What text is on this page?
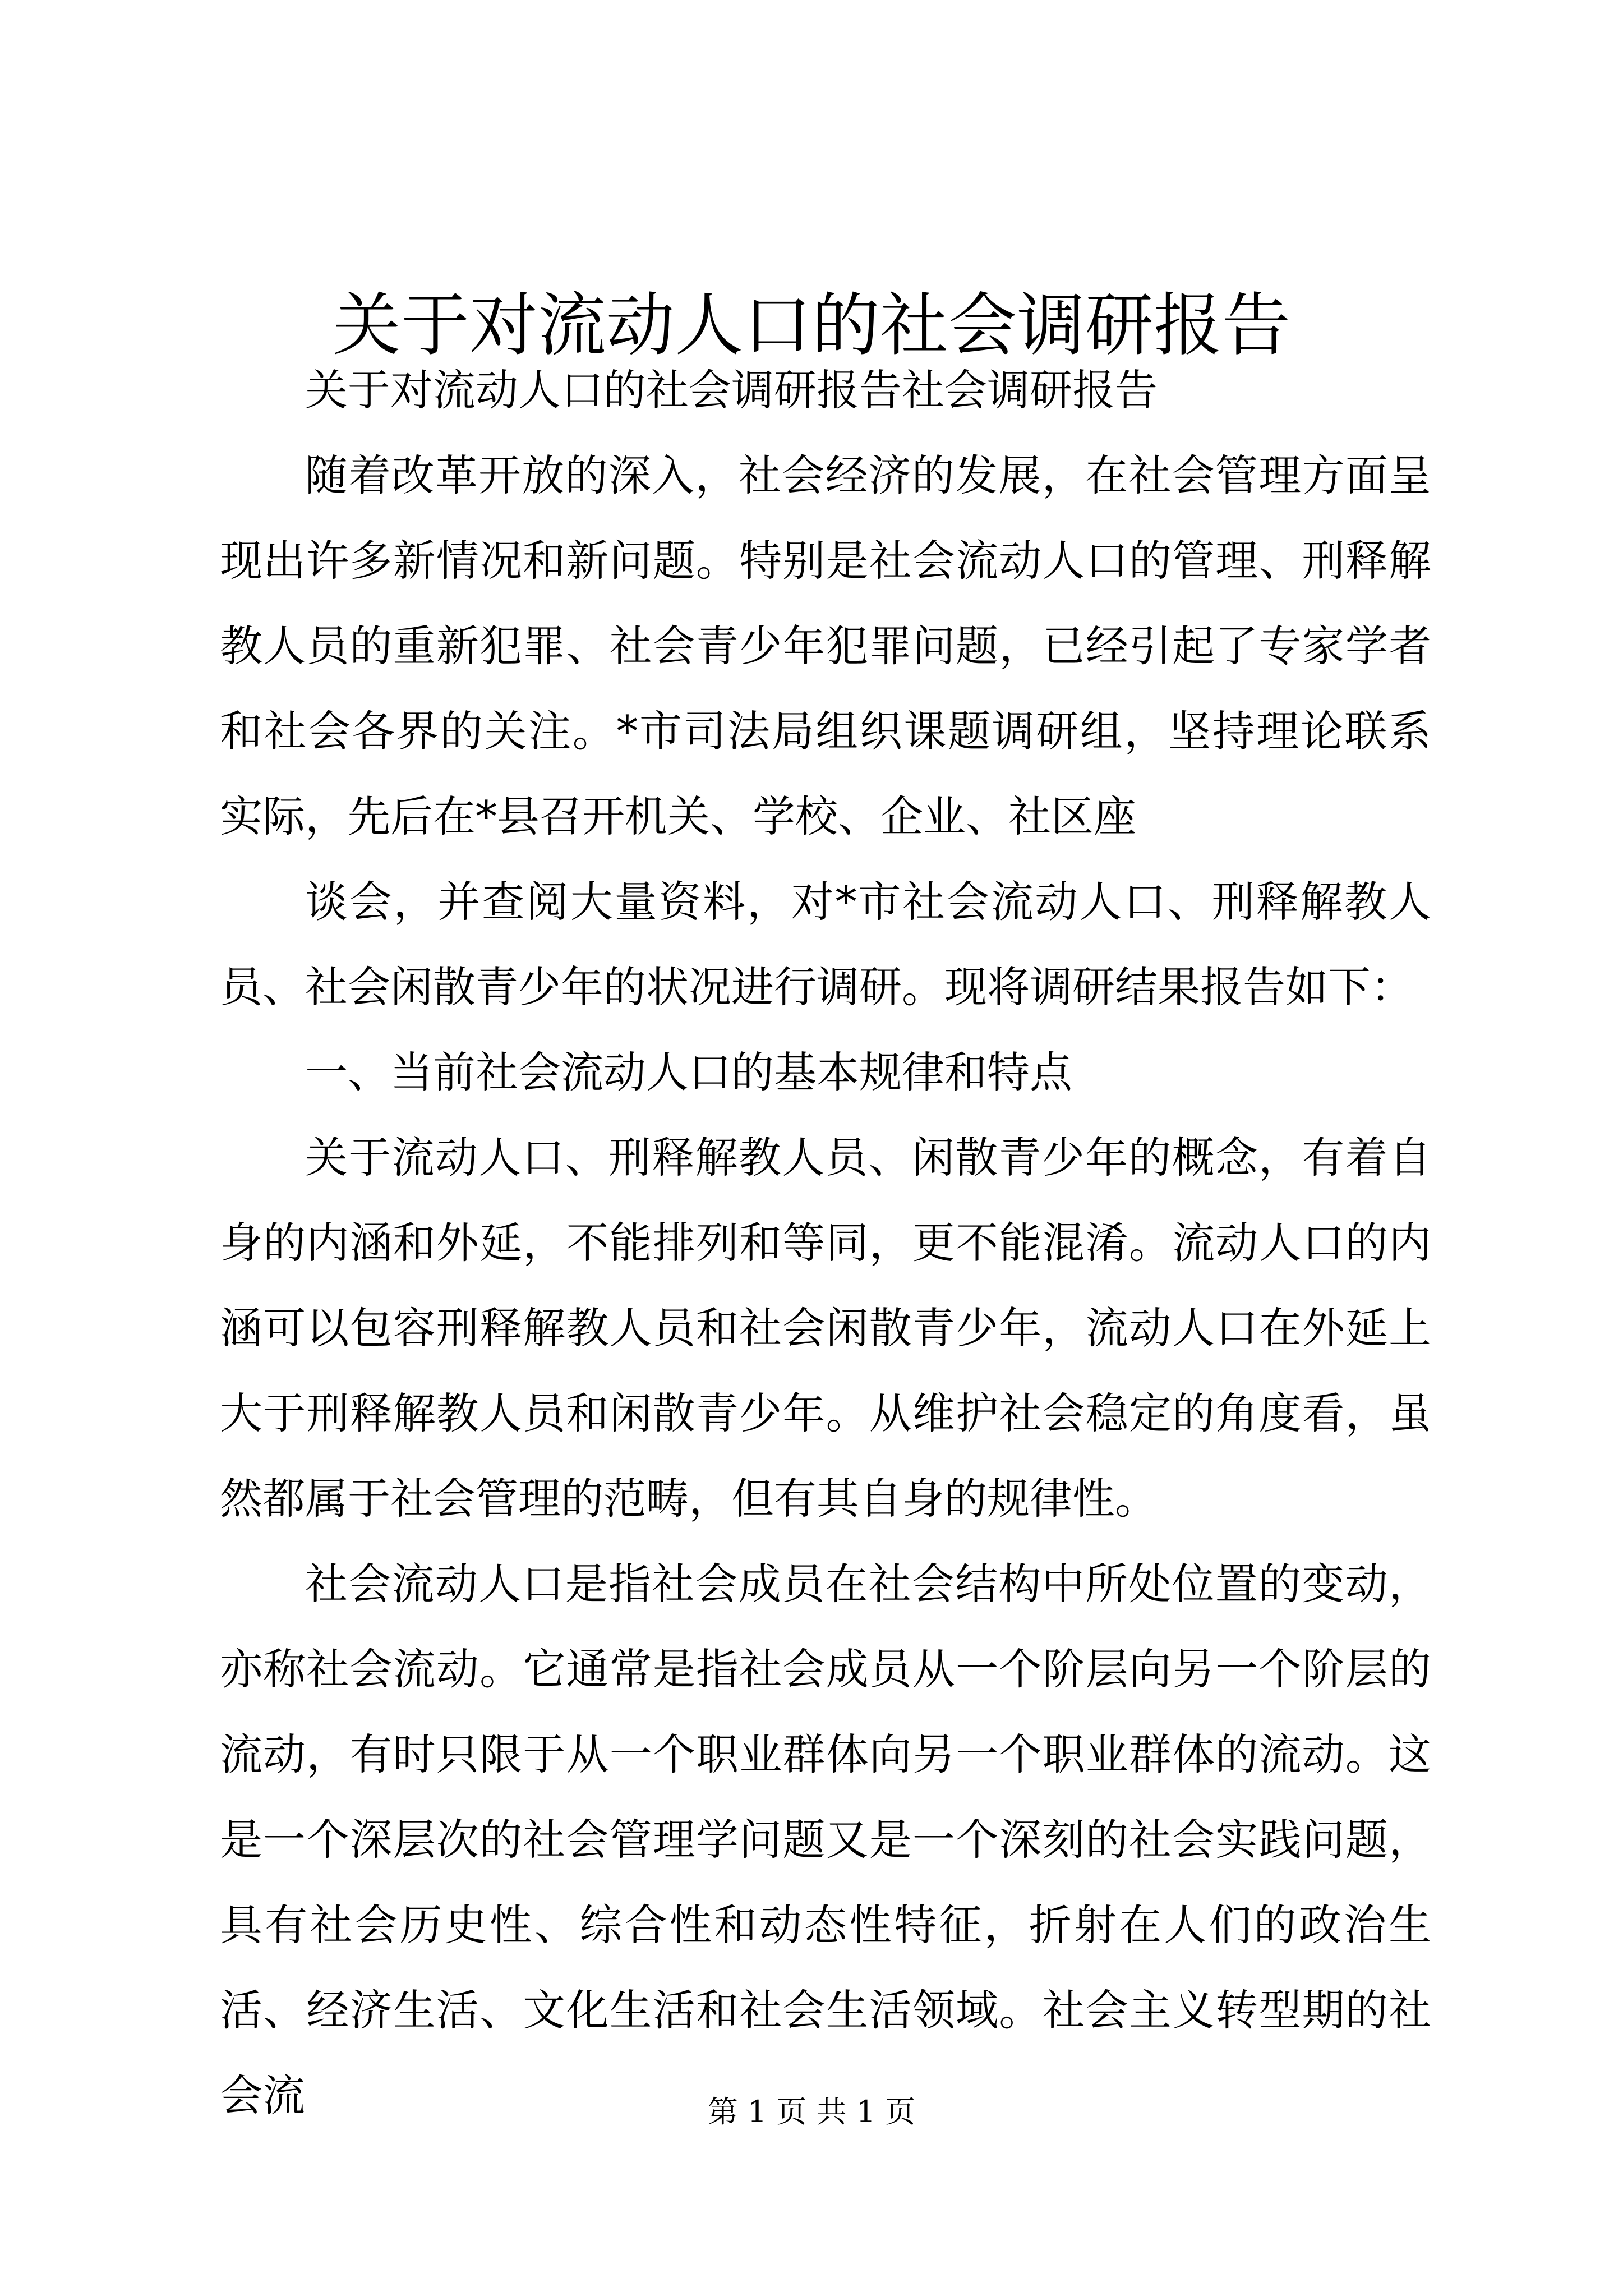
关于对流动人口的社会调研报告

关于对流动人口的社会调研报告社会调研报告

随着改革开放的深入，社会经济的发展，在社会管理方面呈现出许多新情况和新问题。特别是社会流动人口的管理、刑释解教人员的重新犯罪、社会青少年犯罪问题，已经引起了专家学者和社会各界的关注。*市司法局组织课题调研组，坚持理论联系实际，先后在*县召开机关、学校、企业、社区座

谈会，并查阅大量资料，对*市社会流动人口、刑释解教人员、社会闲散青少年的状况进行调研。现将调研结果报告如下：

一、当前社会流动人口的基本规律和特点

关于流动人口、刑释解教人员、闲散青少年的概念，有着自身的内涵和外延，不能排列和等同，更不能混淆。流动人口的内涵可以包容刑释解教人员和社会闲散青少年，流动人口在外延上大于刑释解教人员和闲散青少年。从维护社会稳定的角度看，虽然都属于社会管理的范畴，但有其自身的规律性。

社会流动人口是指社会成员在社会结构中所处位置的变动，亦称社会流动。它通常是指社会成员从一个阶层向另一个阶层的流动，有时只限于从一个职业群体向另一个职业群体的流动。这是一个深层次的社会管理学问题又是一个深刻的社会实践问题，具有社会历史性、综合性和动态性特征，折射在人们的政治生活、经济生活、文化生活和社会生活领域。社会主义转型期的社会流	第 1 页 共 1 页
